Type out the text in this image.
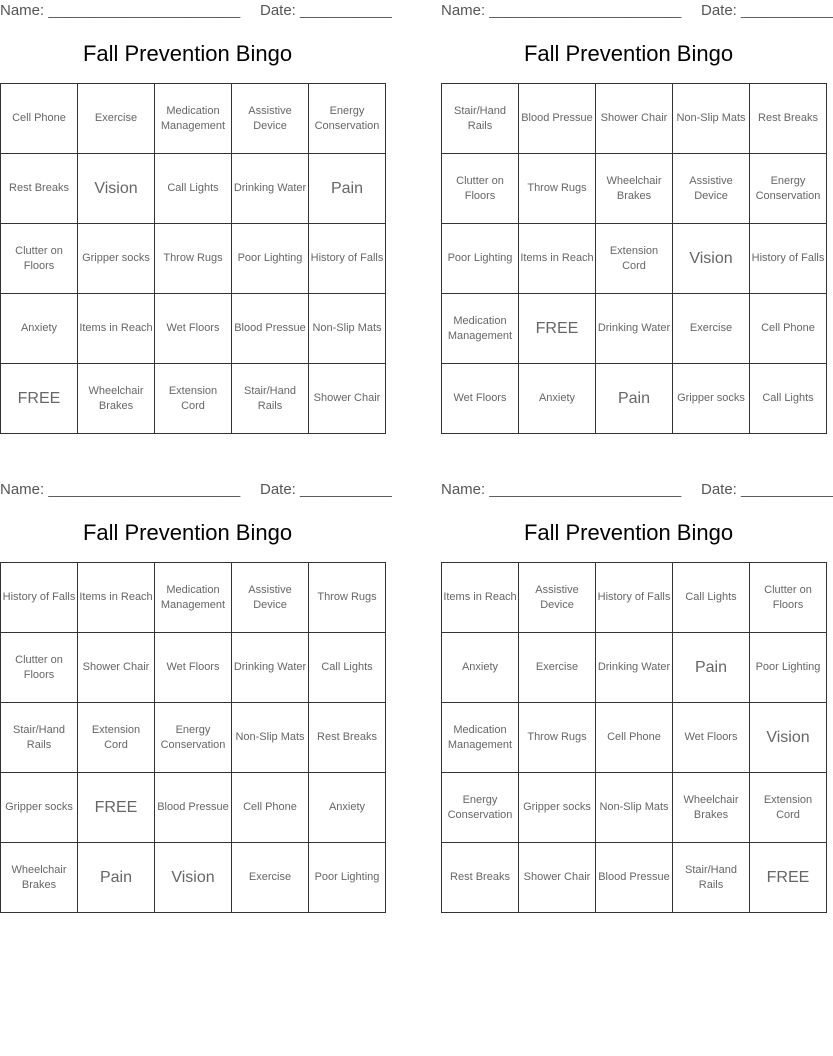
Name: _______________________ Date: ___________
Fall Prevention Bingo
Cell Phone	Exercise	Medication Management	Assistive Device	Energy Conservation
Rest Breaks	Vision	Call Lights	Drinking Water	Pain
Clutter on Floors	Gripper socks	Throw Rugs	Poor Lighting	History of Falls
Anxiety	Items in Reach	Wet Floors	Blood Pressue	Non-Slip Mats
FREE	Wheelchair Brakes	Extension Cord	Stair/Hand Rails	Shower Chair
Name: _______________________ Date: ___________
Fall Prevention Bingo
Stair/Hand Rails	Blood Pressue	Shower Chair	Non-Slip Mats	Rest Breaks
Clutter on Floors	Throw Rugs	Wheelchair Brakes	Assistive Device	Energy Conservation
Poor Lighting	Items in Reach	Extension Cord	Vision	History of Falls
Medication Management	FREE	Drinking Water	Exercise	Cell Phone
Wet Floors	Anxiety	Pain	Gripper socks	Call Lights
Name: _______________________ Date: ___________
Fall Prevention Bingo
History of Falls	Items in Reach	Medication Management	Assistive Device	Throw Rugs
Clutter on Floors	Shower Chair	Wet Floors	Drinking Water	Call Lights
Stair/Hand Rails	Extension Cord	Energy Conservation	Non-Slip Mats	Rest Breaks
Gripper socks	FREE	Blood Pressue	Cell Phone	Anxiety
Wheelchair Brakes	Pain	Vision	Exercise	Poor Lighting
Name: _______________________ Date: ___________
Fall Prevention Bingo
Items in Reach	Assistive Device	History of Falls	Call Lights	Clutter on Floors
Anxiety	Exercise	Drinking Water	Pain	Poor Lighting
Medication Management	Throw Rugs	Cell Phone	Wet Floors	Vision
Energy Conservation	Gripper socks	Non-Slip Mats	Wheelchair Brakes	Extension Cord
Rest Breaks	Shower Chair	Blood Pressue	Stair/Hand Rails	FREE
